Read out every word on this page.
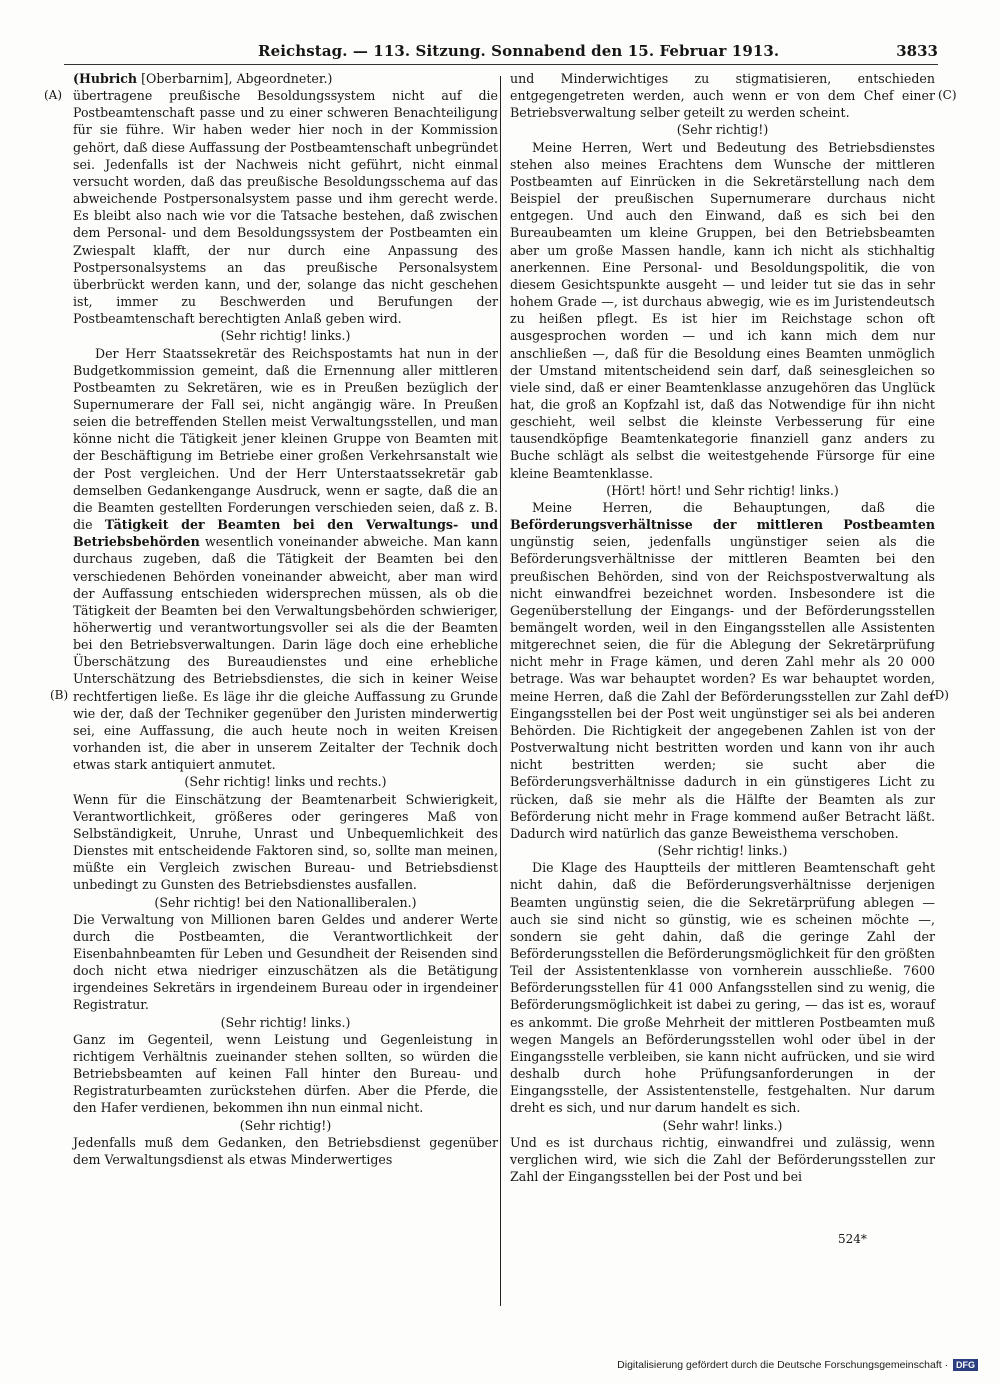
Reichstag. — 113. Sitzung. Sonnabend den 15. Februar 1913.	3833
(A)
(B)
(C)
(D)

(Hubrich [Oberbarnim], Abgeordneter.)

übertragene preußische Besoldungssystem nicht auf die Postbeamtenschaft passe und zu einer schweren Benachteiligung für sie führe. Wir haben weder hier noch in der Kommission gehört, daß diese Auffassung der Postbeamtenschaft unbegründet sei. Jedenfalls ist der Nachweis nicht geführt, nicht einmal versucht worden, daß das preußische Besoldungsschema auf das abweichende Postpersonalsystem passe und ihm gerecht werde. Es bleibt also nach wie vor die Tatsache bestehen, daß zwischen dem Personal- und dem Besoldungssystem der Postbeamten ein Zwiespalt klafft, der nur durch eine Anpassung des Postpersonalsystems an das preußische Personalsystem überbrückt werden kann, und der, solange das nicht geschehen ist, immer zu Beschwerden und Berufungen der Postbeamtenschaft berechtigten Anlaß geben wird.

(Sehr richtig! links.)

Der Herr Staatssekretär des Reichspostamts hat nun in der Budgetkommission gemeint, daß die Ernennung aller mittleren Postbeamten zu Sekretären, wie es in Preußen bezüglich der Supernumerare der Fall sei, nicht angängig wäre. In Preußen seien die betreffenden Stellen meist Verwaltungsstellen, und man könne nicht die Tätigkeit jener kleinen Gruppe von Beamten mit der Beschäftigung im Betriebe einer großen Verkehrsanstalt wie der Post vergleichen. Und der Herr Unterstaatssekretär gab demselben Gedankengange Ausdruck, wenn er sagte, daß die an die Beamten gestellten Forderungen verschieden seien, daß z. B. die Tätigkeit der Beamten bei den Verwaltungs- und Betriebsbehörden wesentlich voneinander abweiche. Man kann durchaus zugeben, daß die Tätigkeit der Beamten bei den verschiedenen Behörden voneinander abweicht, aber man wird der Auffassung entschieden widersprechen müssen, als ob die Tätigkeit der Beamten bei den Verwaltungsbehörden schwieriger, höherwertig und verantwortungsvoller sei als die der Beamten bei den Betriebsverwaltungen. Darin läge doch eine erhebliche Überschätzung des Bureaudienstes und eine erhebliche Unterschätzung des Betriebsdienstes, die sich in keiner Weise rechtfertigen ließe. Es läge ihr die gleiche Auffassung zu Grunde wie der, daß der Techniker gegenüber den Juristen minderwertig sei, eine Auffassung, die auch heute noch in weiten Kreisen vorhanden ist, die aber in unserem Zeitalter der Technik doch etwas stark antiquiert anmutet.

(Sehr richtig! links und rechts.)

Wenn für die Einschätzung der Beamtenarbeit Schwierigkeit, Verantwortlichkeit, größeres oder geringeres Maß von Selbständigkeit, Unruhe, Unrast und Unbequemlichkeit des Dienstes mit entscheidende Faktoren sind, so, sollte man meinen, müßte ein Vergleich zwischen Bureau- und Betriebsdienst unbedingt zu Gunsten des Betriebsdienstes ausfallen.

(Sehr richtig! bei den Nationalliberalen.)

Die Verwaltung von Millionen baren Geldes und anderer Werte durch die Postbeamten, die Verantwortlichkeit der Eisenbahnbeamten für Leben und Gesundheit der Reisenden sind doch nicht etwa niedriger einzuschätzen als die Betätigung irgendeines Sekretärs in irgendeinem Bureau oder in irgendeiner Registratur.

(Sehr richtig! links.)

Ganz im Gegenteil, wenn Leistung und Gegenleistung in richtigem Verhältnis zueinander stehen sollten, so würden die Betriebsbeamten auf keinen Fall hinter den Bureau- und Registraturbeamten zurückstehen dürfen. Aber die Pferde, die den Hafer verdienen, bekommen ihn nun einmal nicht.

(Sehr richtig!)

Jedenfalls muß dem Gedanken, den Betriebsdienst gegenüber dem Verwaltungsdienst als etwas Minderwertiges

und Minderwichtiges zu stigmatisieren, entschieden entgegengetreten werden, auch wenn er von dem Chef einer Betriebsverwaltung selber geteilt zu werden scheint.

(Sehr richtig!)

Meine Herren, Wert und Bedeutung des Betriebsdienstes stehen also meines Erachtens dem Wunsche der mittleren Postbeamten auf Einrücken in die Sekretärstellung nach dem Beispiel der preußischen Supernumerare durchaus nicht entgegen. Und auch den Einwand, daß es sich bei den Bureaubeamten um kleine Gruppen, bei den Betriebsbeamten aber um große Massen handle, kann ich nicht als stichhaltig anerkennen. Eine Personal- und Besoldungspolitik, die von diesem Gesichtspunkte ausgeht — und leider tut sie das in sehr hohem Grade —, ist durchaus abwegig, wie es im Juristendeutsch zu heißen pflegt. Es ist hier im Reichstage schon oft ausgesprochen worden — und ich kann mich dem nur anschließen —, daß für die Besoldung eines Beamten unmöglich der Umstand mitentscheidend sein darf, daß seinesgleichen so viele sind, daß er einer Beamtenklasse anzugehören das Unglück hat, die groß an Kopfzahl ist, daß das Notwendige für ihn nicht geschieht, weil selbst die kleinste Verbesserung für eine tausendköpfige Beamtenkategorie finanziell ganz anders zu Buche schlägt als selbst die weitestgehende Fürsorge für eine kleine Beamtenklasse.

(Hört! hört! und Sehr richtig! links.)

Meine Herren, die Behauptungen, daß die Beförderungsverhältnisse der mittleren Postbeamten ungünstig seien, jedenfalls ungünstiger seien als die Beförderungsverhältnisse der mittleren Beamten bei den preußischen Behörden, sind von der Reichspostverwaltung als nicht einwandfrei bezeichnet worden. Insbesondere ist die Gegenüberstellung der Eingangs- und der Beförderungsstellen bemängelt worden, weil in den Eingangsstellen alle Assistenten mitgerechnet seien, die für die Ablegung der Sekretärprüfung nicht mehr in Frage kämen, und deren Zahl mehr als 20 000 betrage. Was war behauptet worden? Es war behauptet worden, meine Herren, daß die Zahl der Beförderungsstellen zur Zahl der Eingangsstellen bei der Post weit ungünstiger sei als bei anderen Behörden. Die Richtigkeit der angegebenen Zahlen ist von der Postverwaltung nicht bestritten worden und kann von ihr auch nicht bestritten werden; sie sucht aber die Beförderungsverhältnisse dadurch in ein günstigeres Licht zu rücken, daß sie mehr als die Hälfte der Beamten als zur Beförderung nicht mehr in Frage kommend außer Betracht läßt. Dadurch wird natürlich das ganze Beweisthema verschoben.

(Sehr richtig! links.)

Die Klage des Hauptteils der mittleren Beamtenschaft geht nicht dahin, daß die Beförderungsverhältnisse derjenigen Beamten ungünstig seien, die die Sekretärprüfung ablegen — auch sie sind nicht so günstig, wie es scheinen möchte —, sondern sie geht dahin, daß die geringe Zahl der Beförderungsstellen die Beförderungsmöglichkeit für den größten Teil der Assistentenklasse von vornherein ausschließe. 7600 Beförderungsstellen für 41 000 Anfangsstellen sind zu wenig, die Beförderungsmöglichkeit ist dabei zu gering, — das ist es, worauf es ankommt. Die große Mehrheit der mittleren Postbeamten muß wegen Mangels an Beförderungsstellen wohl oder übel in der Eingangsstelle verbleiben, sie kann nicht aufrücken, und sie wird deshalb durch hohe Prüfungsanforderungen in der Eingangsstelle, der Assistentenstelle, festgehalten. Nur darum dreht es sich, und nur darum handelt es sich.

(Sehr wahr! links.)

Und es ist durchaus richtig, einwandfrei und zulässig, wenn verglichen wird, wie sich die Zahl der Beförderungsstellen zur Zahl der Eingangsstellen bei der Post und bei

524*
Digitalisierung gefördert durch die Deutsche Forschungsgemeinschaft · DFG
